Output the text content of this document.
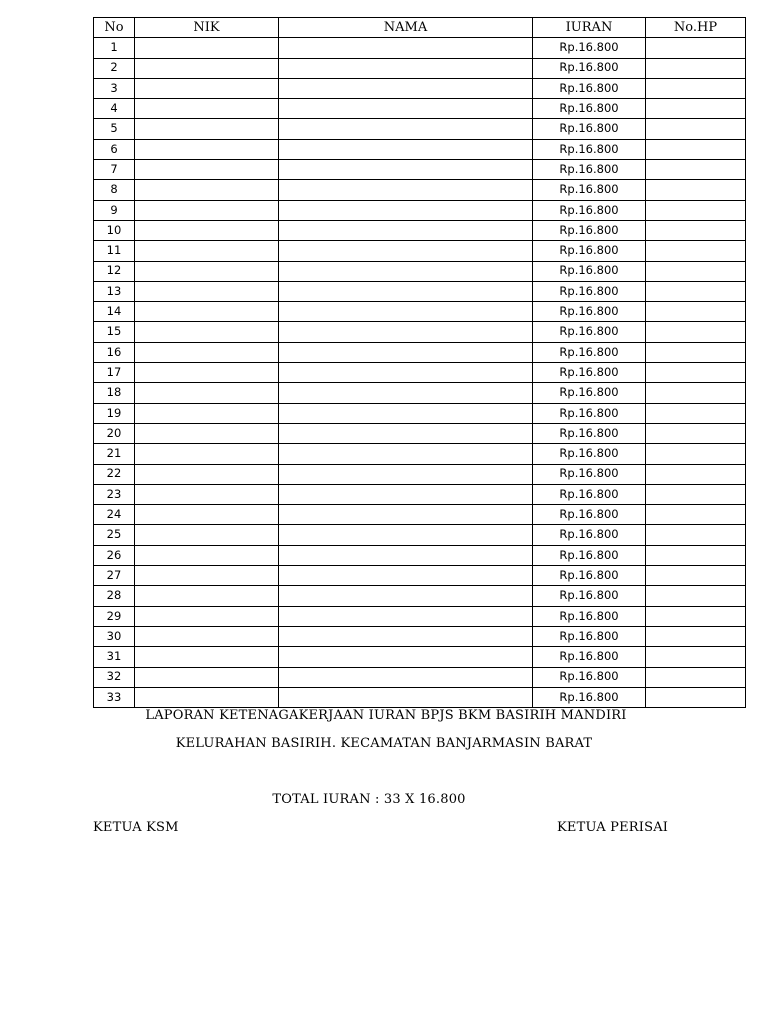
No	NIK	NAMA	IURAN	No.HP
1			Rp.16.800	
2			Rp.16.800	
3			Rp.16.800	
4			Rp.16.800	
5			Rp.16.800	
6			Rp.16.800	
7			Rp.16.800	
8			Rp.16.800	
9			Rp.16.800	
10			Rp.16.800	
11			Rp.16.800	
12			Rp.16.800	
13			Rp.16.800	
14			Rp.16.800	
15			Rp.16.800	
16			Rp.16.800	
17			Rp.16.800	
18			Rp.16.800	
19			Rp.16.800	
20			Rp.16.800	
21			Rp.16.800	
22			Rp.16.800	
23			Rp.16.800	
24			Rp.16.800	
25			Rp.16.800	
26			Rp.16.800	
27			Rp.16.800	
28			Rp.16.800	
29			Rp.16.800	
30			Rp.16.800	
31			Rp.16.800	
32			Rp.16.800	
33			Rp.16.800	
LAPORAN KETENAGAKERJAAN IURAN BPJS BKM BASIRIH MANDIRI
KELURAHAN BASIRIH. KECAMATAN BANJARMASIN BARAT
TOTAL IURAN : 33 X 16.800
KETUA KSM	KETUA PERISAI
